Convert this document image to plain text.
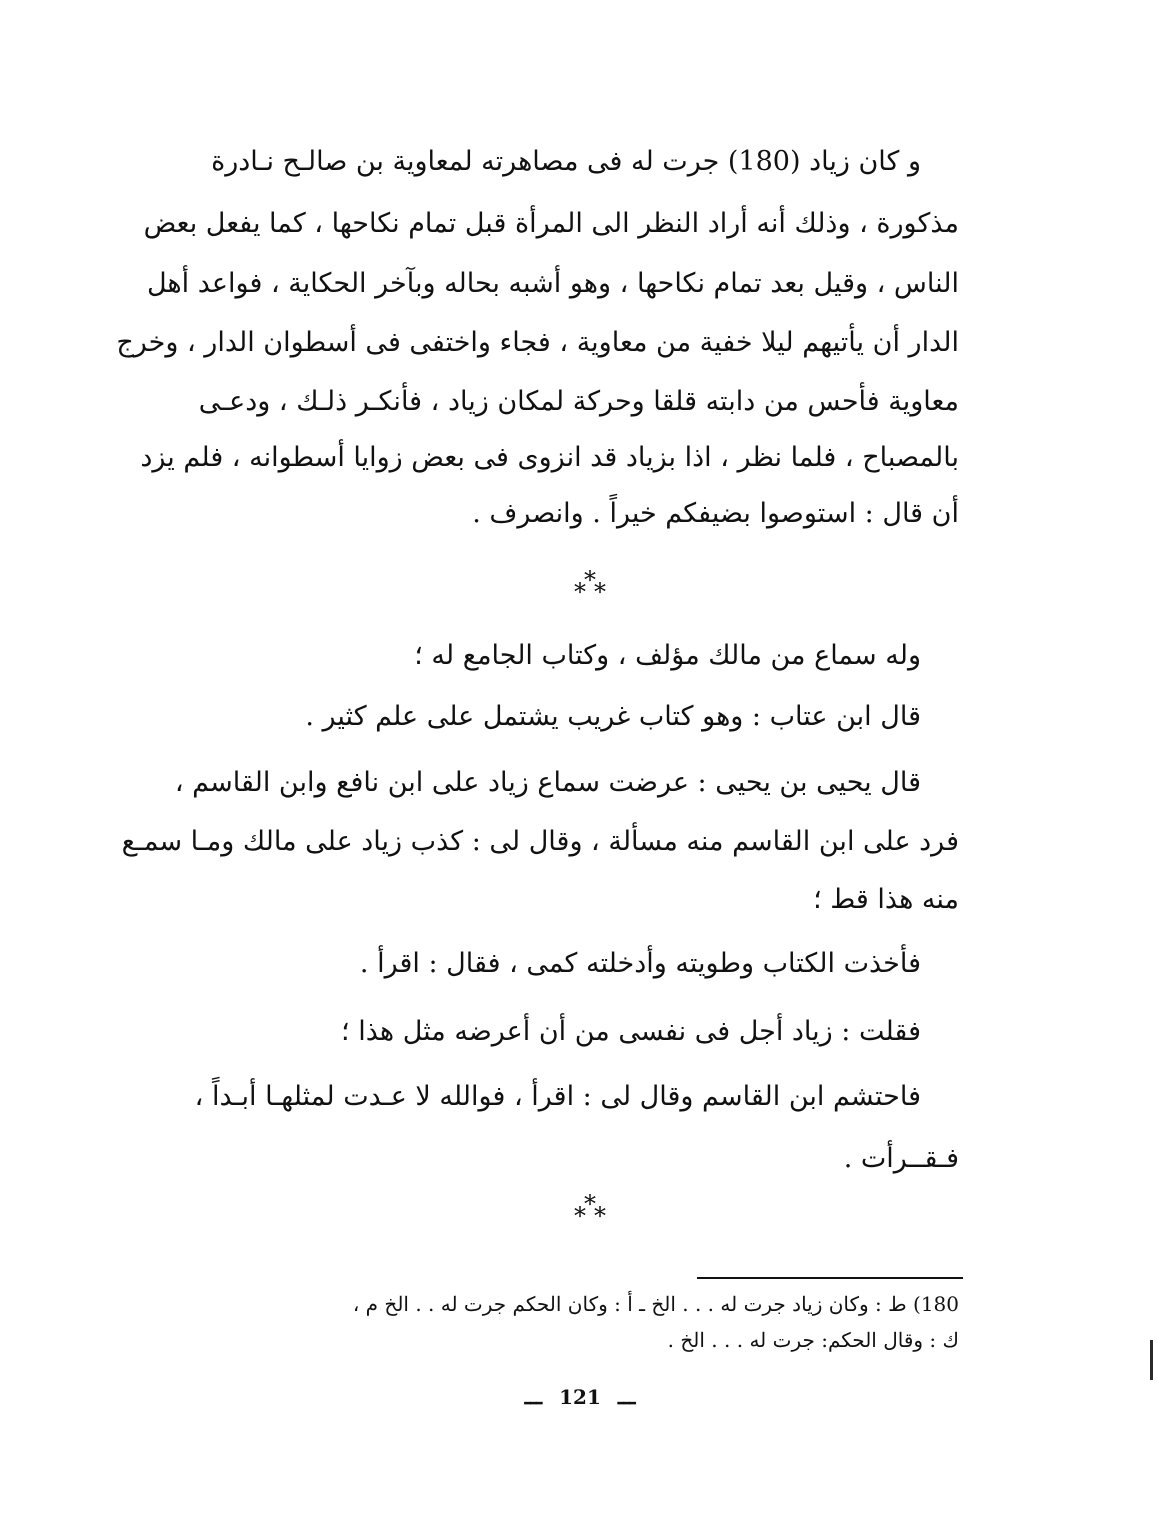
و كان زياد (180) جرت له فى مصاهرته لمعاوية بن صالـح نـادرة
مذكورة ، وذلك أنه أراد النظر الى المرأة قبل تمام نكاحها ، كما يفعل بعض
الناس ، وقيل بعد تمام نكاحها ، وهو أشبه بحاله وبآخر الحكاية ، فواعد أهل
الدار أن يأتيهم ليلا خفية من معاوية ، فجاء واختفى فى أسطوان الدار ، وخرج
معاوية فأحس من دابته قلقا وحركة لمكان زياد ، فأنكـر ذلـك ، ودعـى
بالمصباح ، فلما نظر ، اذا بزياد قد انزوى فى بعض زوايا أسطوانه ، فلم يزد
أن قال : استوصوا بضيفكم خيراً . وانصرف .
*
* *
وله سماع من مالك مؤلف ، وكتاب الجامع له ؛
قال ابن عتاب : وهو كتاب غريب يشتمل على علم كثير .
قال يحيى بن يحيى : عرضت سماع زياد على ابن نافع وابن القاسم ،
فرد على ابن القاسم منه مسألة ، وقال لى : كذب زياد على مالك ومـا سمـع
منه هذا قط ؛
فأخذت الكتاب وطويته وأدخلته كمى ، فقال : اقرأ .
فقلت : زياد أجل فى نفسى من أن أعرضه مثل هذا ؛
فاحتشم ابن القاسم وقال لى : اقرأ ، فوالله لا عـدت لمثلهـا أبـداً ،
فـقــرأت .
*
* *
180) ط : وكان زياد جرت له . . . الخ ـ أ : وكان الحكم جرت له . . الخ م ،
ك : وقال الحكم: جرت له . . . الخ .
ـــ 121 ـــ
